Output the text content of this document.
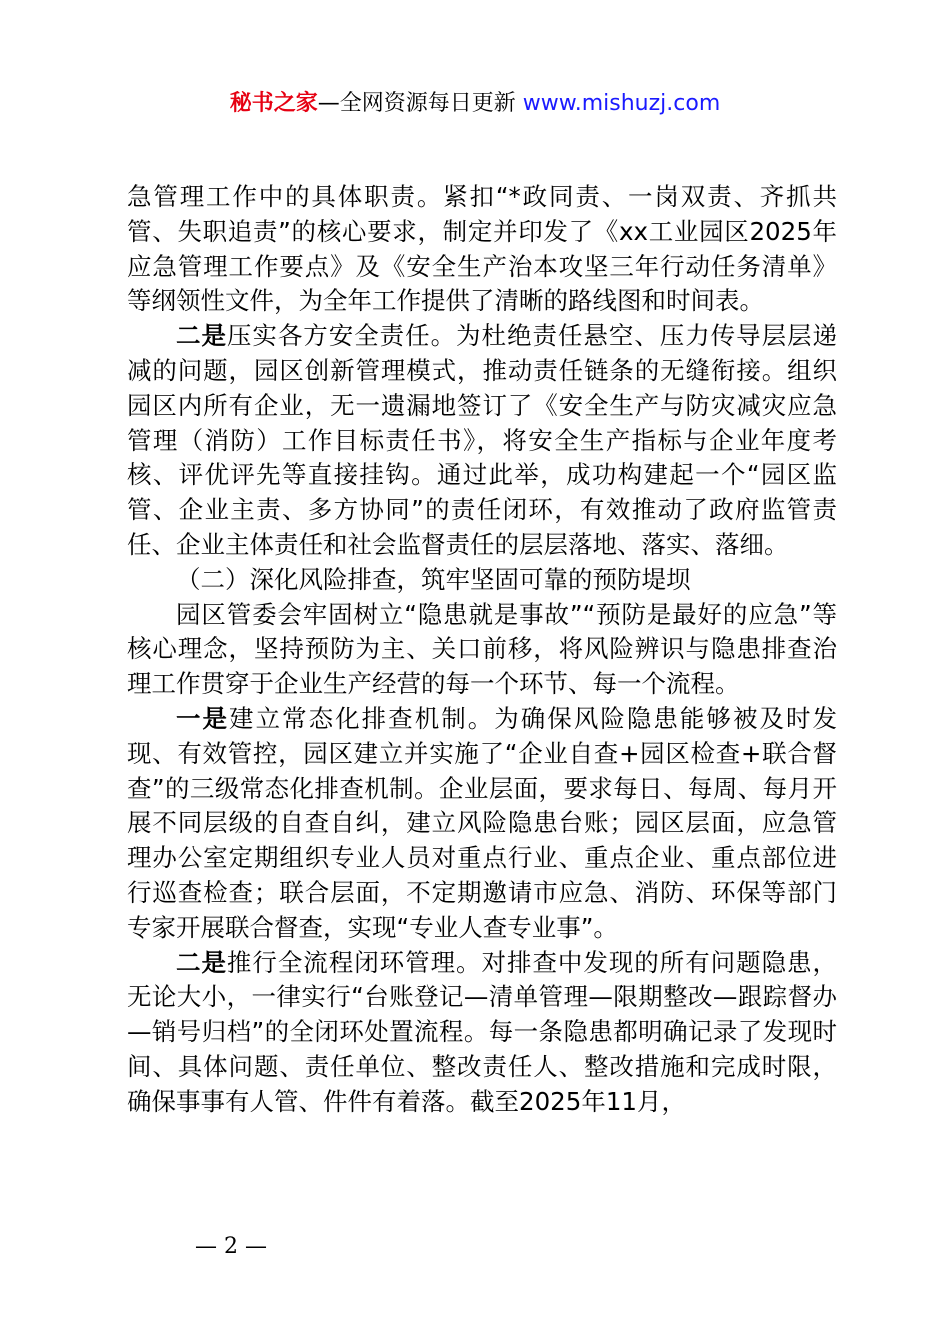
秘书之家—全网资源每日更新 www.mishuzj.com

急管理工作中的具体职责。紧扣“*政同责、一岗双责、齐抓共管、失职追责”的核心要求，制定并印发了《xx工业园区2025年应急管理工作要点》及《安全生产治本攻坚三年行动任务清单》等纲领性文件，为全年工作提供了清晰的路线图和时间表。

二是压实各方安全责任。为杜绝责任悬空、压力传导层层递减的问题，园区创新管理模式，推动责任链条的无缝衔接。组织园区内所有企业，无一遗漏地签订了《安全生产与防灾减灾应急管理（消防）工作目标责任书》，将安全生产指标与企业年度考核、评优评先等直接挂钩。通过此举，成功构建起一个“园区监管、企业主责、多方协同”的责任闭环，有效推动了政府监管责任、企业主体责任和社会监督责任的层层落地、落实、落细。

（二）深化风险排查，筑牢坚固可靠的预防堤坝

园区管委会牢固树立“隐患就是事故”“预防是最好的应急”等核心理念，坚持预防为主、关口前移，将风险辨识与隐患排查治理工作贯穿于企业生产经营的每一个环节、每一个流程。

一是建立常态化排查机制。为确保风险隐患能够被及时发现、有效管控，园区建立并实施了“企业自查+园区检查+联合督查”的三级常态化排查机制。企业层面，要求每日、每周、每月开展不同层级的自查自纠，建立风险隐患台账；园区层面，应急管理办公室定期组织专业人员对重点行业、重点企业、重点部位进行巡查检查；联合层面，不定期邀请市应急、消防、环保等部门专家开展联合督查，实现“专业人查专业事”。

二是推行全流程闭环管理。对排查中发现的所有问题隐患，无论大小，一律实行“台账登记—清单管理—限期整改—跟踪督办—销号归档”的全闭环处置流程。每一条隐患都明确记录了发现时间、具体问题、责任单位、整改责任人、整改措施和完成时限，确保事事有人管、件件有着落。截至2025年11月，

— 2 —
